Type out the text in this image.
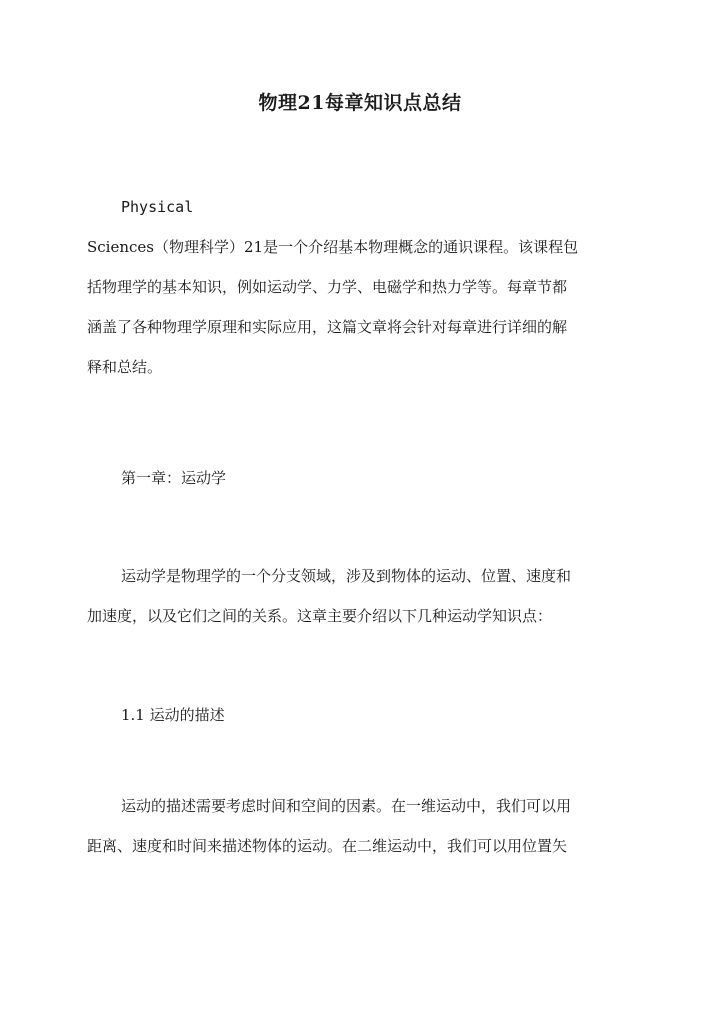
物理21每章知识点总结
Physical
Sciences（物理科学）21是一个介绍基本物理概念的通识课程。该课程包
括物理学的基本知识，例如运动学、力学、电磁学和热力学等。每章节都
涵盖了各种物理学原理和实际应用，这篇文章将会针对每章进行详细的解
释和总结。
第一章：运动学
运动学是物理学的一个分支领域，涉及到物体的运动、位置、速度和
加速度，以及它们之间的关系。这章主要介绍以下几种运动学知识点：
1.1 运动的描述
运动的描述需要考虑时间和空间的因素。在一维运动中，我们可以用
距离、速度和时间来描述物体的运动。在二维运动中，我们可以用位置矢
